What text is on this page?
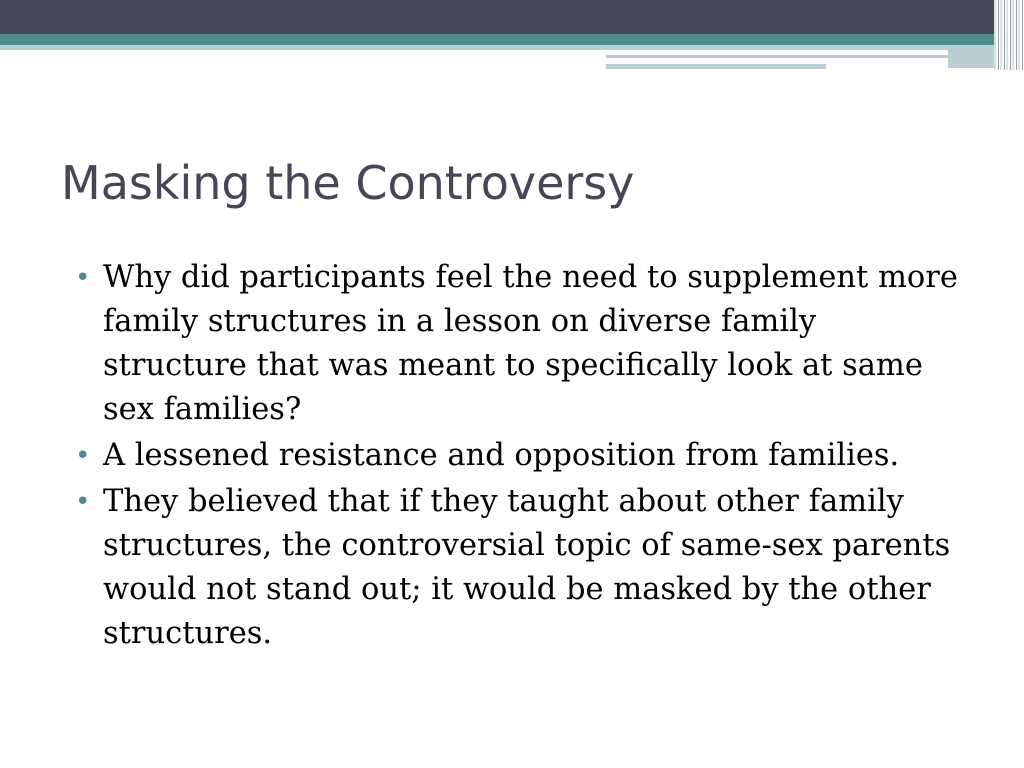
Masking the Controversy
• Why did participants feel the need to supplement more family structures in a lesson on diverse family structure that was meant to specifically look at same sex families?
• A lessened resistance and opposition from families.
• They believed that if they taught about other family structures, the controversial topic of same-sex parents would not stand out; it would be masked by the other structures.
